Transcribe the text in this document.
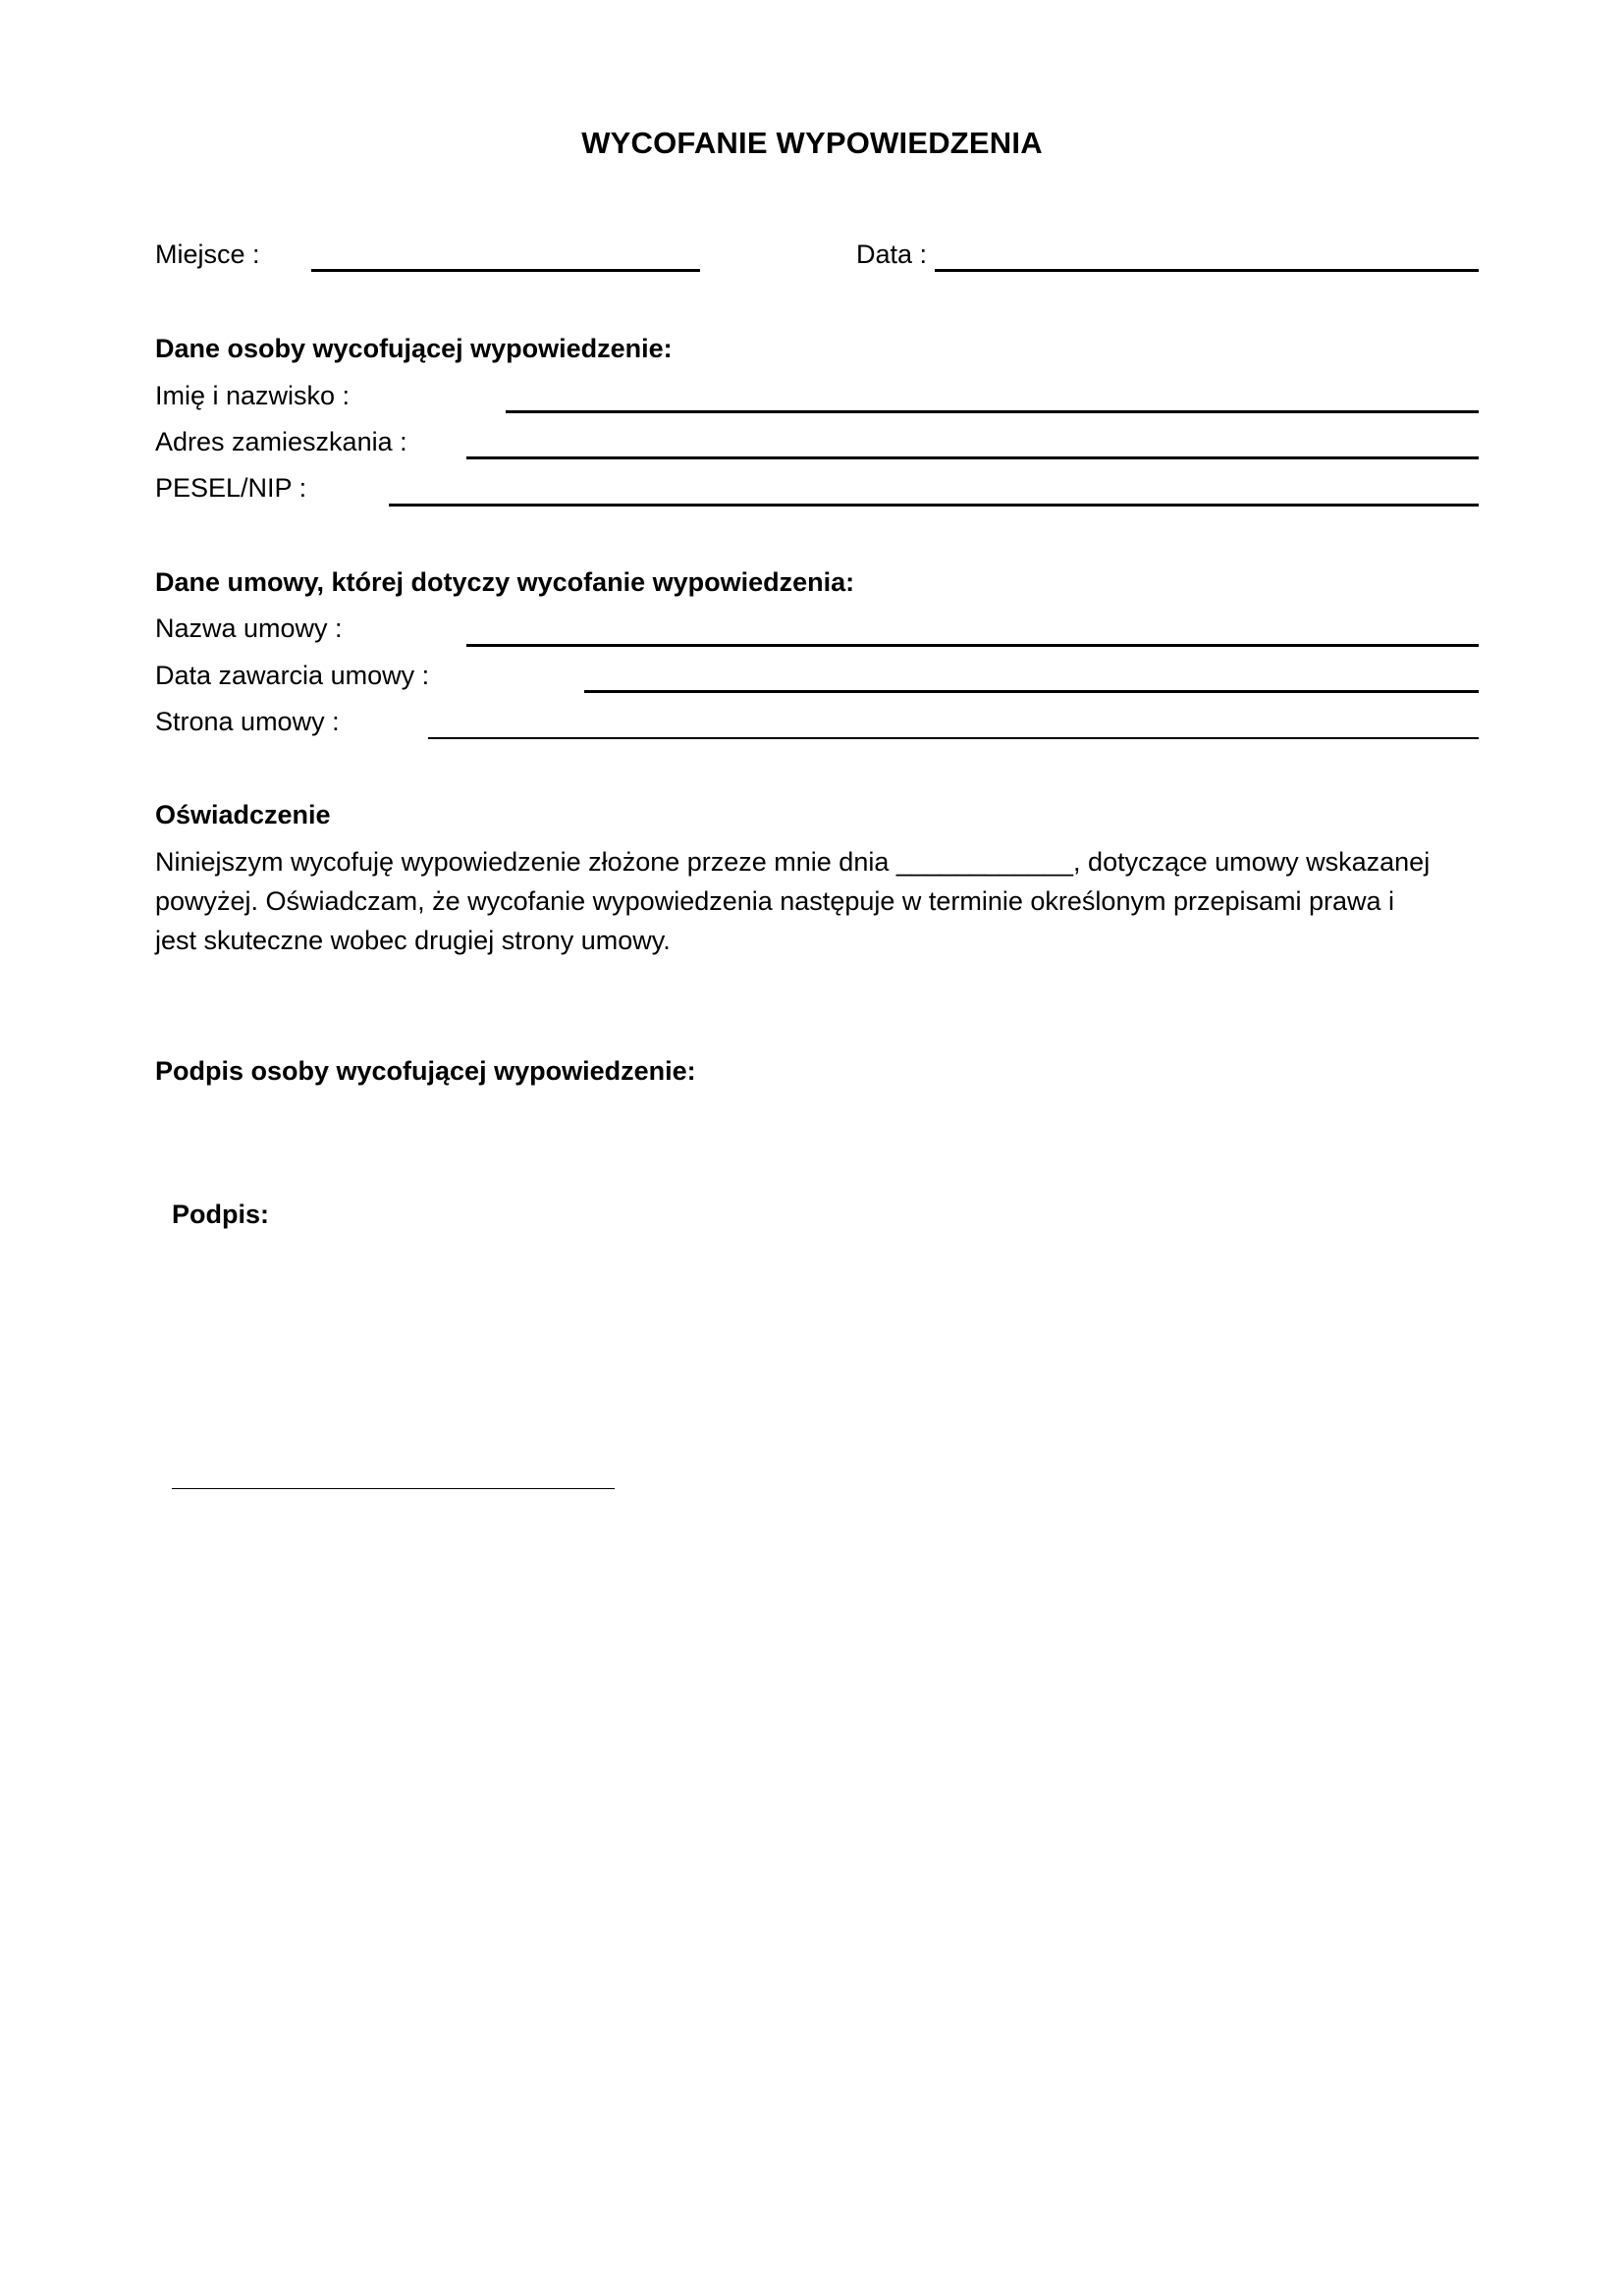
WYCOFANIE WYPOWIEDZENIA
Miejsce :	Data :
Dane osoby wycofującej wypowiedzenie:
Imię i nazwisko :
Adres zamieszkania :
PESEL/NIP :
Dane umowy, której dotyczy wycofanie wypowiedzenia:
Nazwa umowy :
Data zawarcia umowy :
Strona umowy :
Oświadczenie
Niniejszym wycofuję wypowiedzenie złożone przeze mnie dnia ____________, dotyczące umowy wskazanej
powyżej. Oświadczam, że wycofanie wypowiedzenia następuje w terminie określonym przepisami prawa i
jest skuteczne wobec drugiej strony umowy.
Podpis osoby wycofującej wypowiedzenie:
Podpis:
